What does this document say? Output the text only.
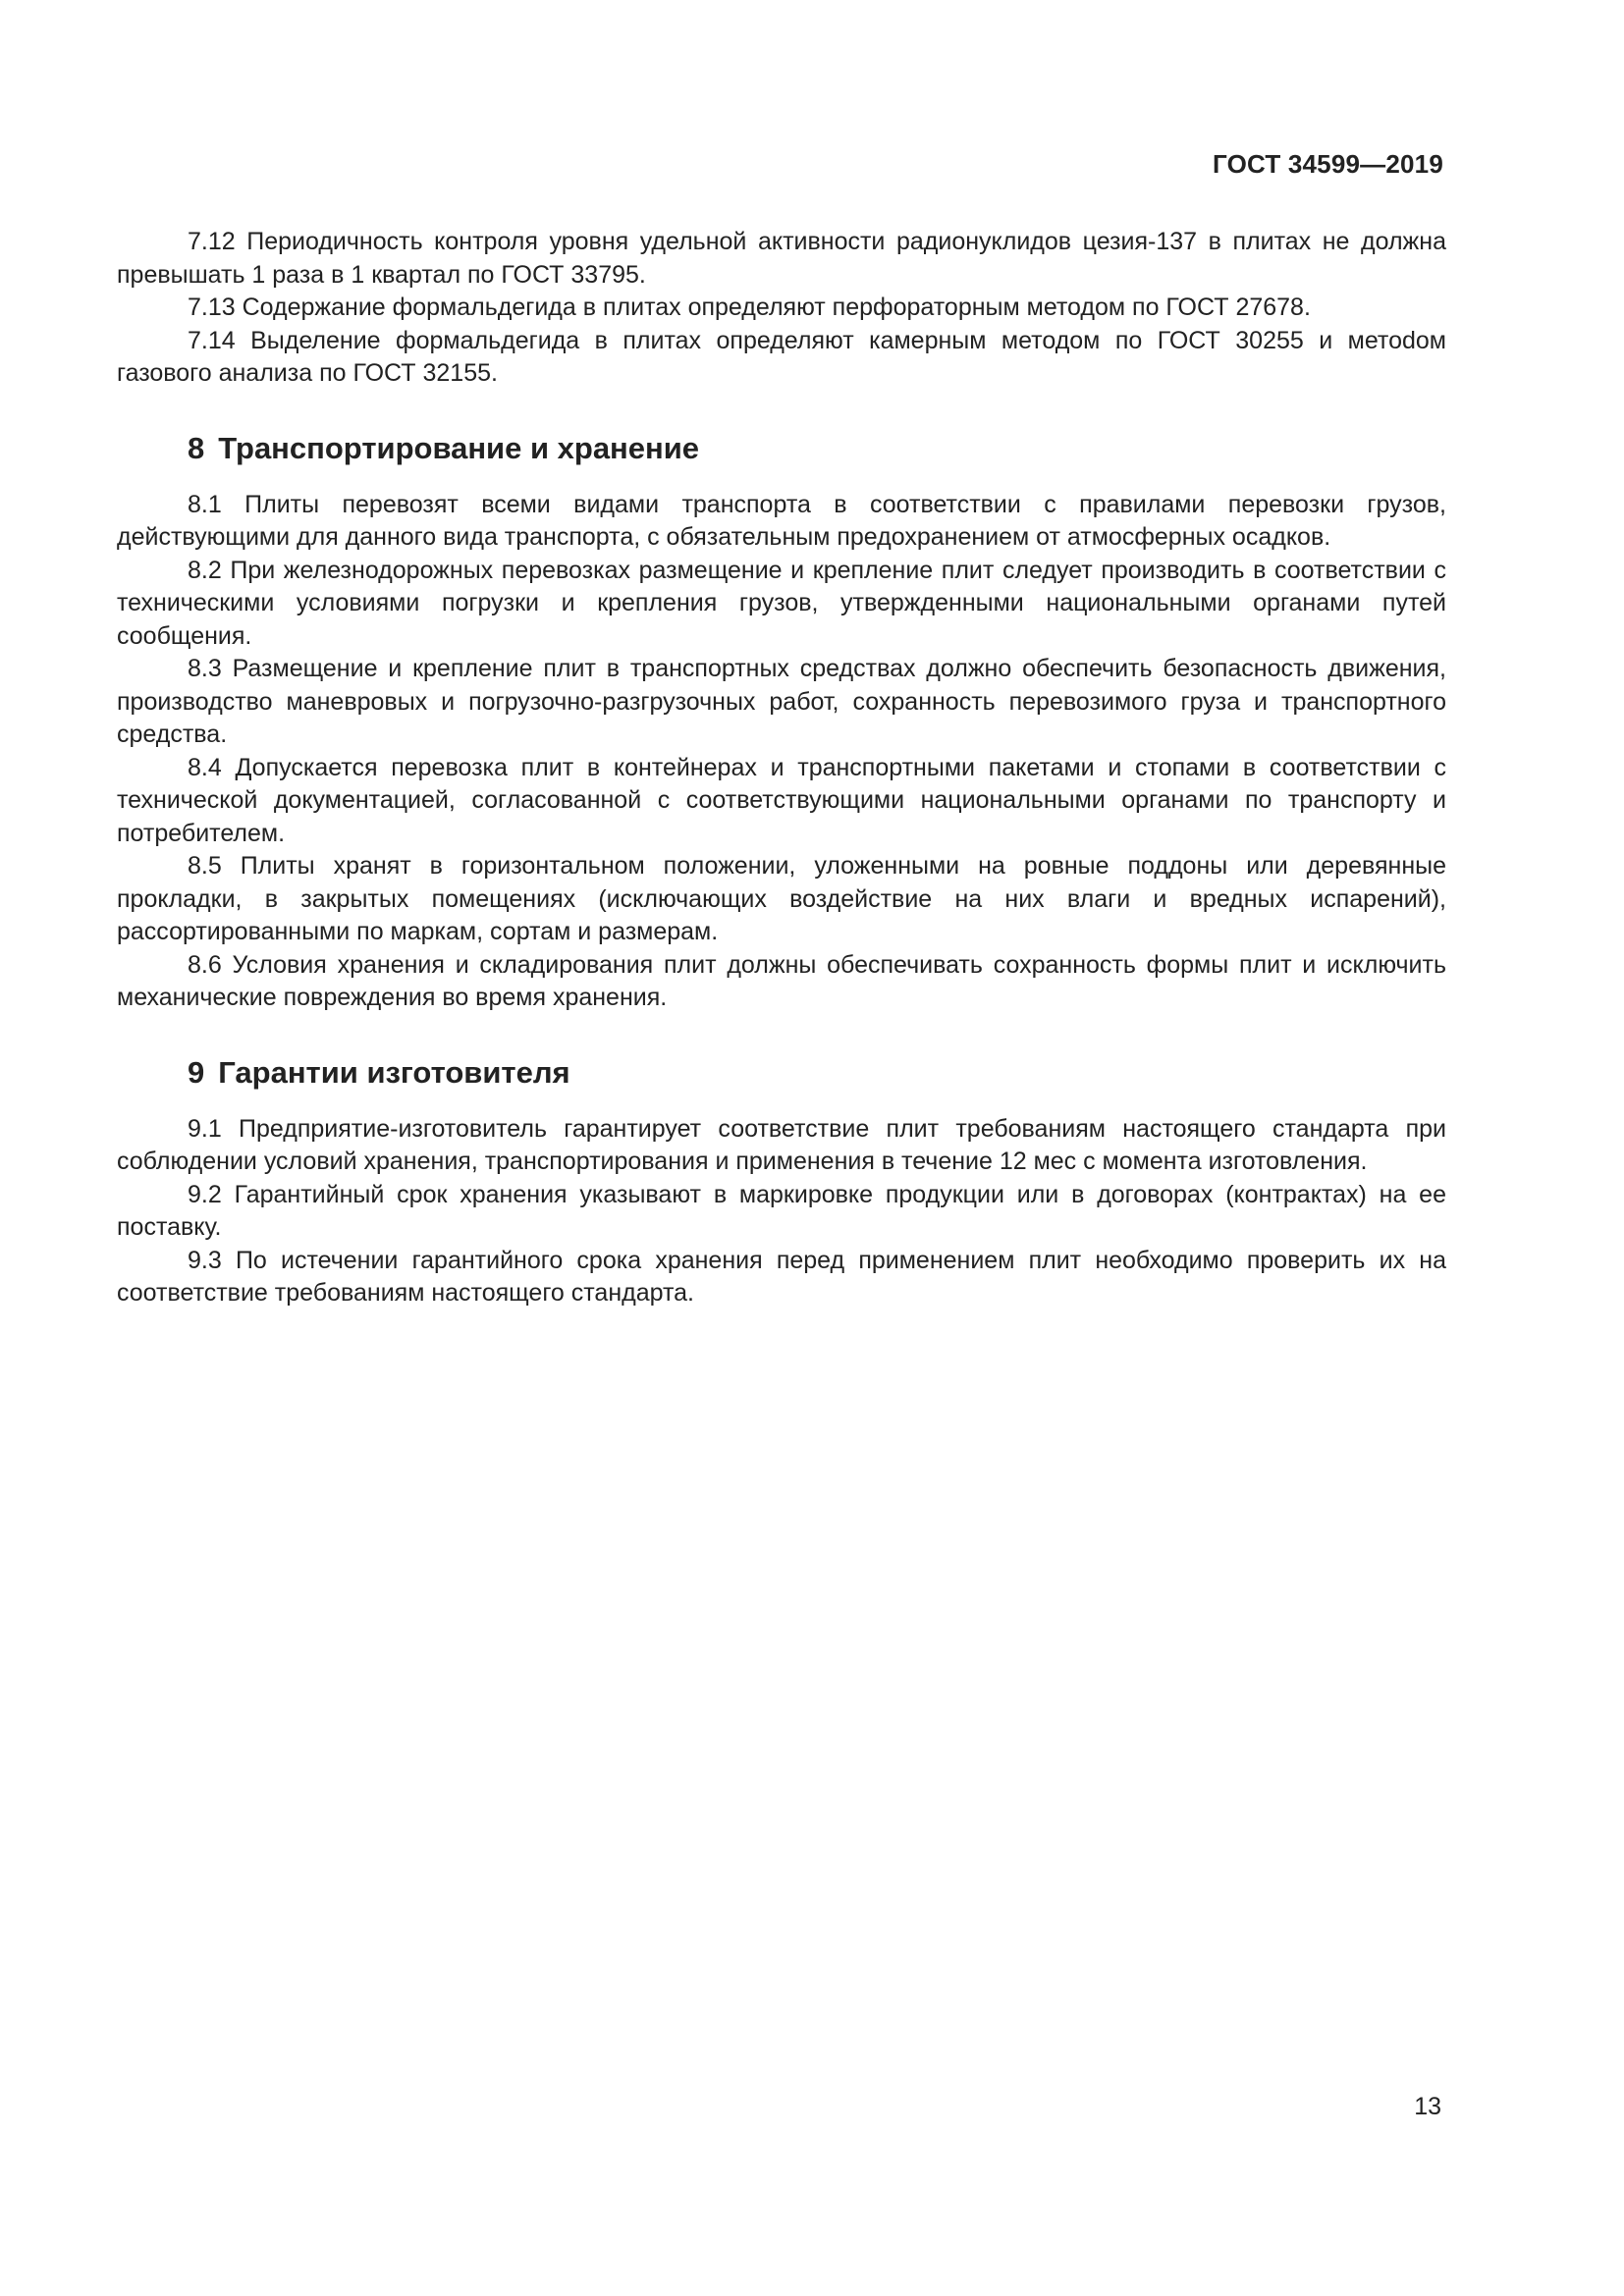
ГОСТ 34599—2019

7.12 Периодичность контроля уровня удельной активности радионуклидов цезия-137 в плитах не должна превышать 1 раза в 1 квартал по ГОСТ 33795.

7.13 Содержание формальдегида в плитах определяют перфораторным методом по ГОСТ 27678.

7.14 Выделение формальдегида в плитах определяют камерным методом по ГОСТ 30255 и метоdом газового анализа по ГОСТ 32155.

8 Транспортирование и хранение

8.1 Плиты перевозят всеми видами транспорта в соответствии с правилами перевозки грузов, действующими для данного вида транспорта, с обязательным предохранением от атмосферных осадков.

8.2 При железнодорожных перевозках размещение и крепление плит следует производить в соответствии с техническими условиями погрузки и крепления грузов, утвержденными национальными органами путей сообщения.

8.3 Размещение и крепление плит в транспортных средствах должно обеспечить безопасность движения, производство маневровых и погрузочно-разгрузочных работ, сохранность перевозимого груза и транспортного средства.

8.4 Допускается перевозка плит в контейнерах и транспортными пакетами и стопами в соответствии с технической документацией, согласованной с соответствующими национальными органами по транспорту и потребителем.

8.5 Плиты хранят в горизонтальном положении, уложенными на ровные поддоны или деревянные прокладки, в закрытых помещениях (исключающих воздействие на них влаги и вредных испарений), рассортированными по маркам, сортам и размерам.

8.6 Условия хранения и складирования плит должны обеспечивать сохранность формы плит и исключить механические повреждения во время хранения.

9 Гарантии изготовителя

9.1 Предприятие-изготовитель гарантирует соответствие плит требованиям настоящего стандарта при соблюдении условий хранения, транспортирования и применения в течение 12 мес с момента изготовления.

9.2 Гарантийный срок хранения указывают в маркировке продукции или в договорах (контрактах) на ее поставку.

9.3 По истечении гарантийного срока хранения перед применением плит необходимо проверить их на соответствие требованиям настоящего стандарта.

13
